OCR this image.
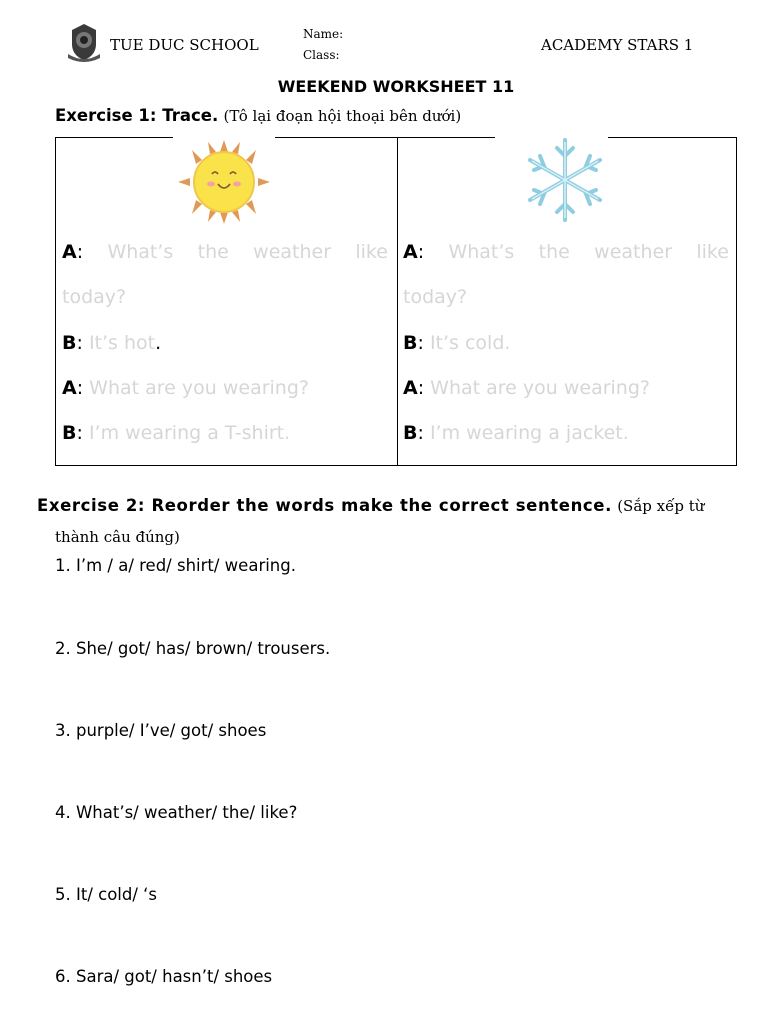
TUE DUC SCHOOL
Name:
Class:
ACADEMY STARS 1
WEEKEND WORKSHEET 11
Exercise 1: Trace. (Tô lại đoạn hội thoại bên dưới)
A: What’s the weather like
today?
B: It’s hot.
A: What are you wearing?
B: I’m wearing a T-shirt.
A: What’s the weather like
today?
B: It’s cold.
A: What are you wearing?
B: I’m wearing a jacket.
Exercise 2: Reorder the words make the correct sentence. (Sắp xếp từ
thành câu đúng)
1. I’m / a/ red/ shirt/ wearing.
2. She/ got/ has/ brown/ trousers.
3. purple/ I’ve/ got/ shoes
4. What’s/ weather/ the/ like?
5. It/ cold/ ‘s
6. Sara/ got/ hasn’t/ shoes
